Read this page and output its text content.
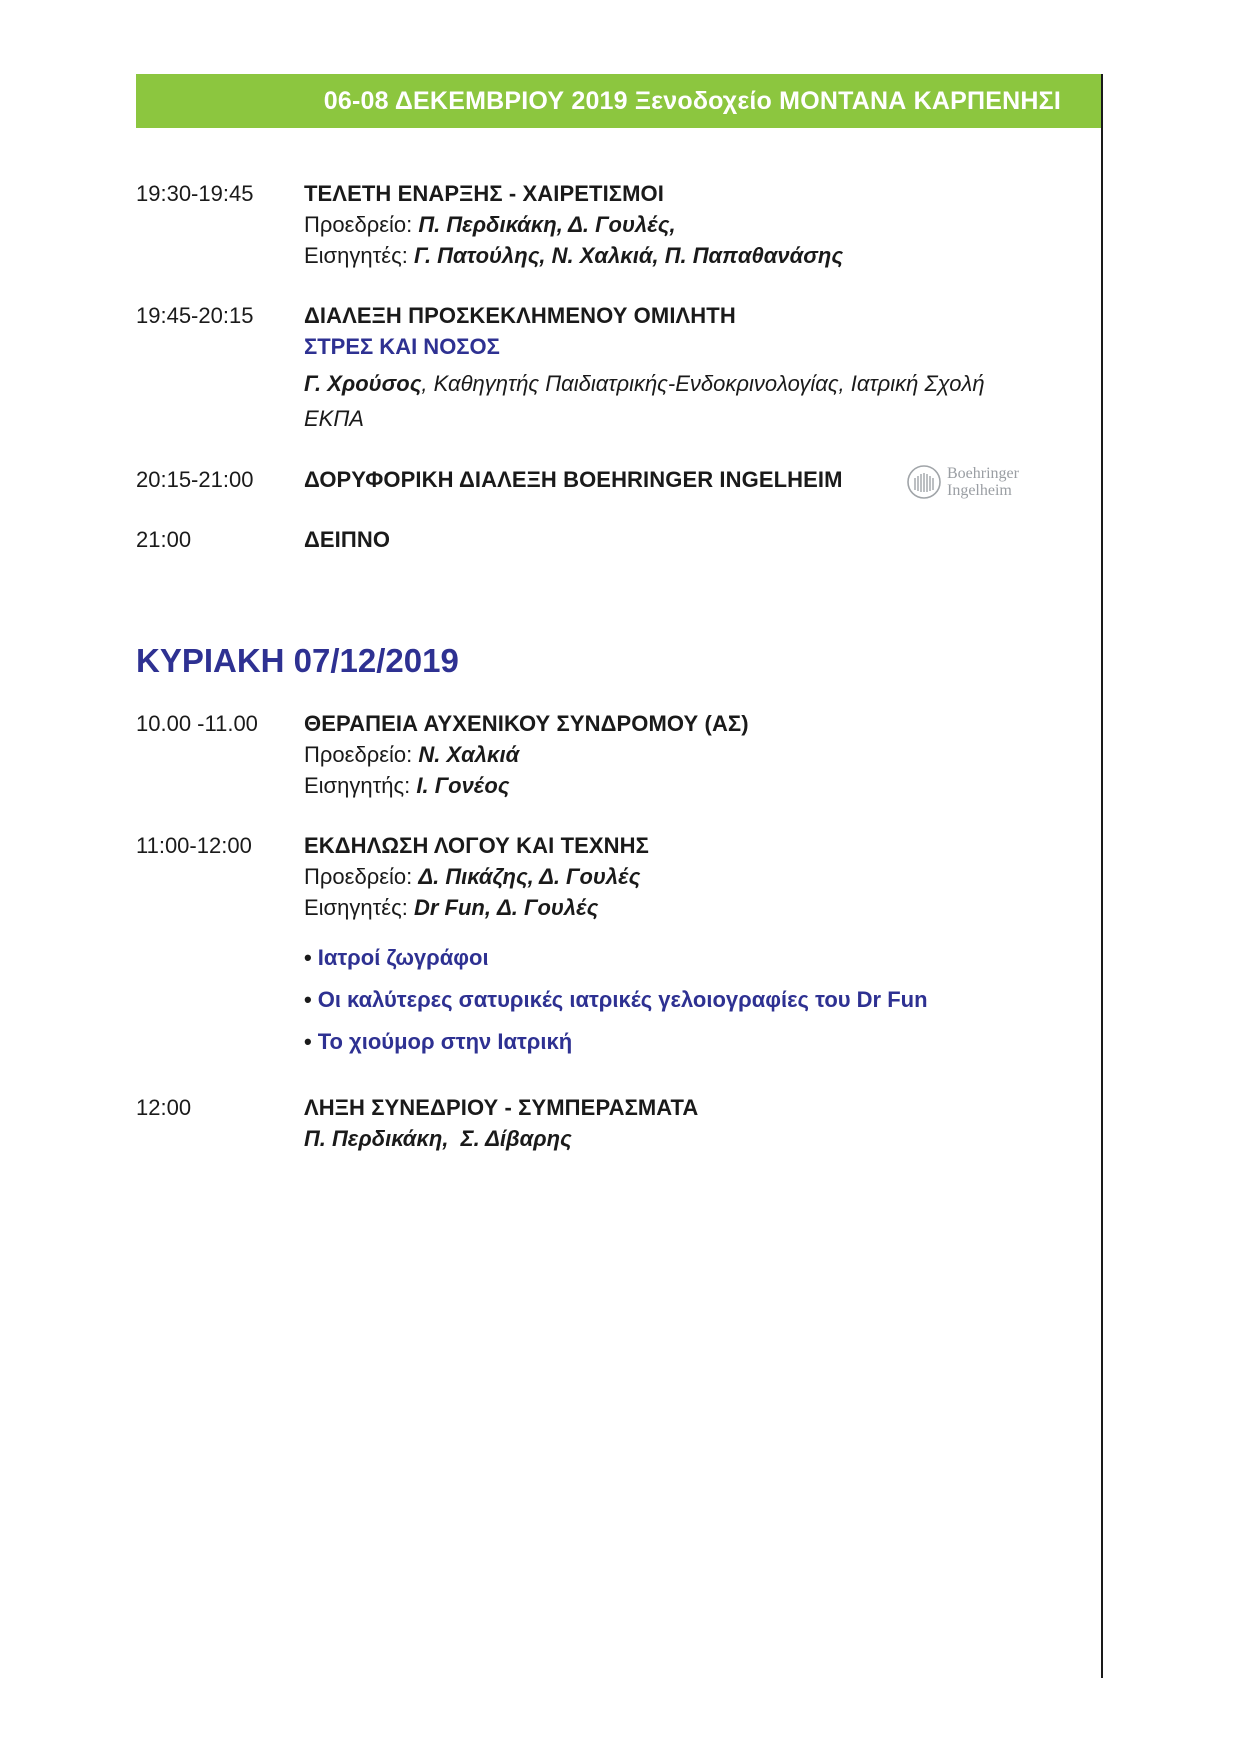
06-08 ΔΕΚΕΜΒΡΙΟΥ 2019 Ξενοδοχείο ΜΟΝΤΑΝΑ ΚΑΡΠΕΝΗΣΙ
19:30-19:45 ΤΕΛΕΤΗ ΕΝΑΡΞΗΣ - ΧΑΙΡΕΤΙΣΜΟΙ
Προεδρείο: Π. Περδικάκη, Δ. Γουλές,
Εισηγητές: Γ. Πατούλης, Ν. Χαλκιά, Π. Παπαθανάσης
19:45-20:15 ΔΙΑΛΕΞΗ ΠΡΟΣΚΕΚΛΗΜΕΝΟΥ ΟΜΙΛΗΤΗ
ΣΤΡΕΣ ΚΑΙ ΝΟΣΟΣ
Γ. Χρούσος, Καθηγητής Παιδιατρικής-Ενδοκρινολογίας, Ιατρική Σχολή
ΕΚΠΑ
20:15-21:00 ΔΟΡΥΦΟΡΙΚΗ ΔΙΑΛΕΞΗ BOEHRINGER INGELHEIM	Boehringer
Ingelheim
21:00	ΔΕΙΠΝΟ
ΚΥΡΙΑΚΗ 07/12/2019
10.00 -11.00 ΘΕΡΑΠΕΙΑ ΑΥΧΕΝΙΚΟΥ ΣΥΝΔΡΟΜΟΥ (ΑΣ)
Προεδρείο: Ν. Χαλκιά
Εισηγητής: Ι. Γονέος
11:00-12:00 ΕΚΔΗΛΩΣΗ ΛΟΓΟΥ ΚΑΙ ΤΕΧΝΗΣ
Προεδρείο: Δ. Πικάζης, Δ. Γουλές
Εισηγητές: Dr Fun, Δ. Γουλές
• Ιατροί ζωγράφοι
• Οι καλύτερες σατυρικές ιατρικές γελοιογραφίες του Dr Fun
• Το χιούμορ στην Ιατρική
12:00	ΛΗΞΗ ΣΥΝΕΔΡΙΟΥ - ΣΥΜΠΕΡΑΣΜΑΤΑ
Π. Περδικάκη,  Σ. Δίβαρης
